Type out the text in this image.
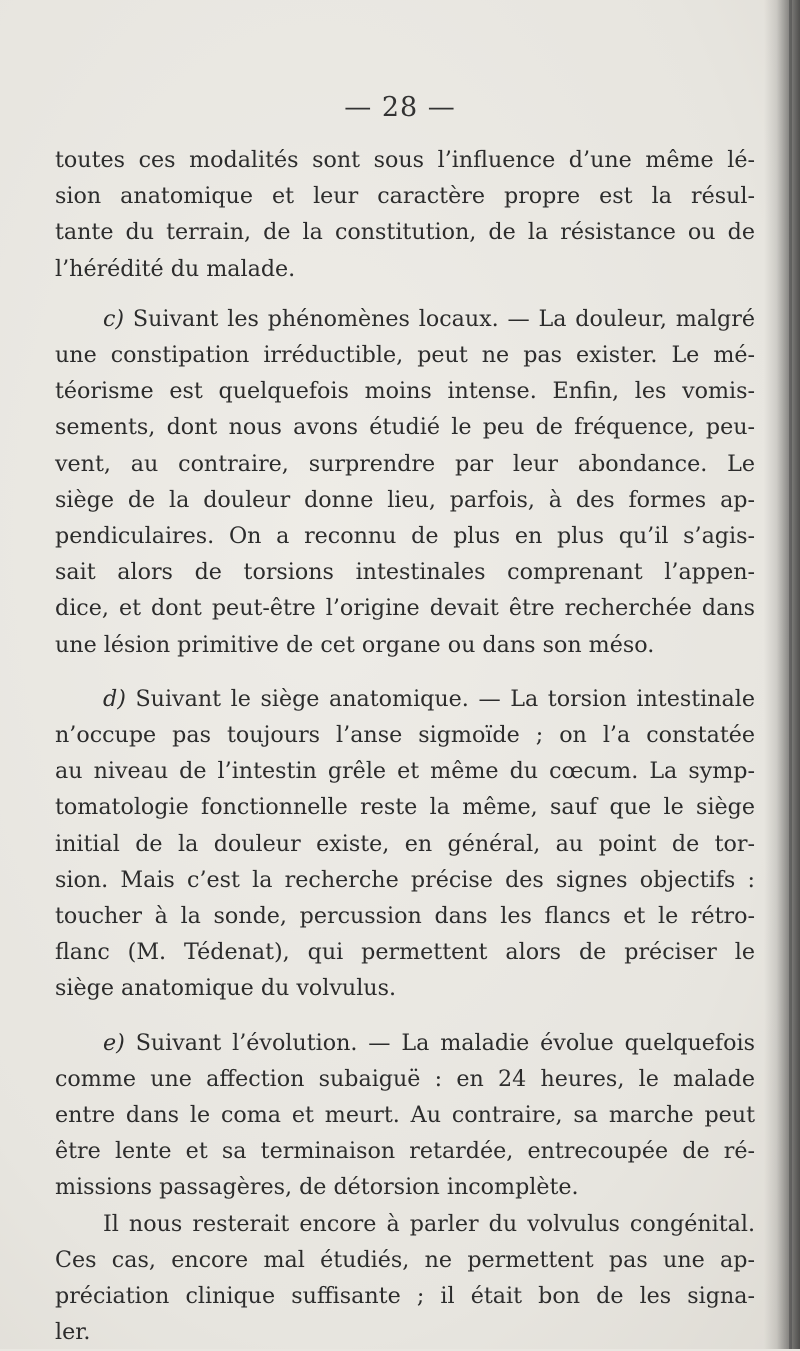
— 28 —

toutes ces modalités sont sous l’influence d’une même lé-
sion anatomique et leur caractère propre est la résul-
tante du terrain, de la constitution, de la résistance ou de
l’hérédité du malade.

c) Suivant les phénomènes locaux. — La douleur, malgré
une constipation irréductible, peut ne pas exister. Le mé-
téorisme est quelquefois moins intense. Enfin, les vomis-
sements, dont nous avons étudié le peu de fréquence, peu-
vent, au contraire, surprendre par leur abondance. Le
siège de la douleur donne lieu, parfois, à des formes ap-
pendiculaires. On a reconnu de plus en plus qu’il s’agis-
sait alors de torsions intestinales comprenant l’appen-
dice, et dont peut-être l’origine devait être recherchée dans
une lésion primitive de cet organe ou dans son méso.

d) Suivant le siège anatomique. — La torsion intestinale
n’occupe pas toujours l’anse sigmoïde ; on l’a constatée
au niveau de l’intestin grêle et même du cœcum. La symp-
tomatologie fonctionnelle reste la même, sauf que le siège
initial de la douleur existe, en général, au point de tor-
sion. Mais c’est la recherche précise des signes objectifs :
toucher à la sonde, percussion dans les flancs et le rétro-
flanc (M. Tédenat), qui permettent alors de préciser le
siège anatomique du volvulus.

e) Suivant l’évolution. — La maladie évolue quelquefois
comme une affection subaiguë : en 24 heures, le malade
entre dans le coma et meurt. Au contraire, sa marche peut
être lente et sa terminaison retardée, entrecoupée de ré-
missions passagères, de détorsion incomplète.

Il nous resterait encore à parler du volvulus congénital.
Ces cas, encore mal étudiés, ne permettent pas une ap-
préciation clinique suffisante ; il était bon de les signa-
ler.
